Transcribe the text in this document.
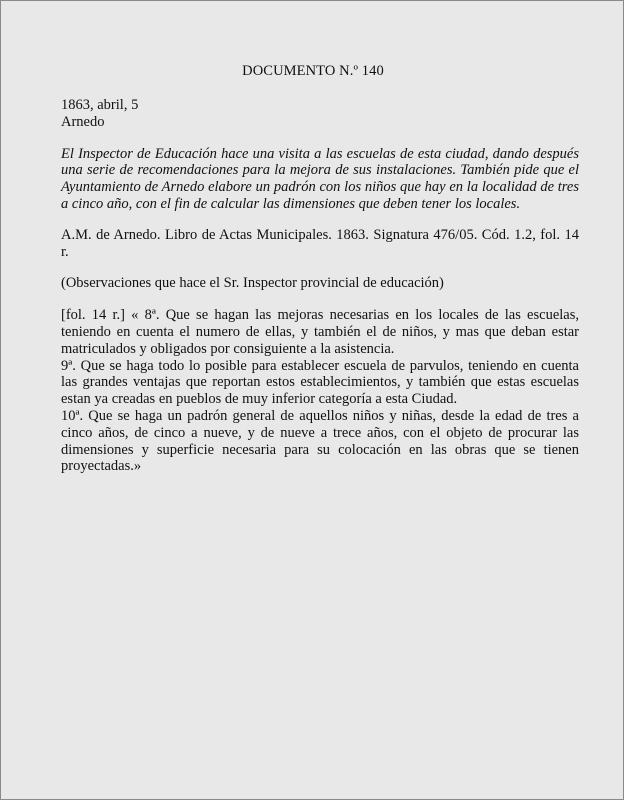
DOCUMENTO N.º 140

1863, abril, 5

Arnedo

El Inspector de Educación hace una visita a las escuelas de esta ciudad, dando después una serie de recomendaciones para la mejora de sus instalaciones. También pide que el Ayuntamiento de Arnedo elabore un padrón con los niños que hay en la localidad de tres a cinco año, con el fin de calcular las dimensiones que deben tener los locales.

A.M. de Arnedo. Libro de Actas Municipales. 1863. Signatura 476/05. Cód. 1.2, fol. 14 r.

(Observaciones que hace el Sr. Inspector provincial de educación)

[fol. 14 r.] « 8ª. Que se hagan las mejoras necesarias en los locales de las escuelas, teniendo en cuenta el numero de ellas, y también el de niños, y mas que deban estar matriculados y obligados por consiguiente a la asistencia.

9ª. Que se haga todo lo posible para establecer escuela de parvulos, teniendo en cuenta las grandes ventajas que reportan estos establecimientos, y también que estas escuelas estan ya creadas en pueblos de muy inferior categoría a esta Ciudad.

10ª. Que se haga un padrón general de aquellos niños y niñas, desde la edad de tres a cinco años, de cinco a nueve, y de nueve a trece años, con el objeto de procurar las dimensiones y superficie necesaria para su colocación en las obras que se tienen proyectadas.»
